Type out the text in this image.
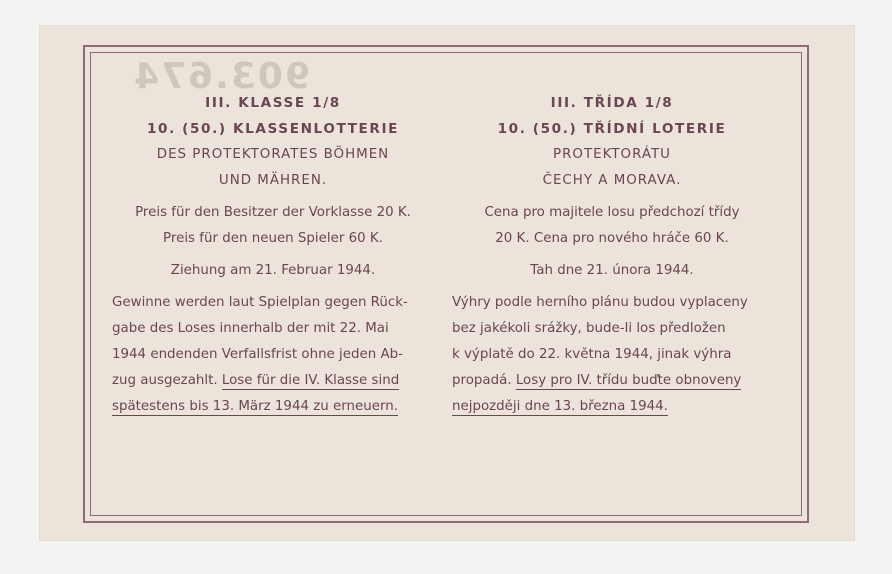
903.674
III. KLASSE 1/8
10. (50.) KLASSENLOTTERIE
DES PROTEKTORATES BÖHMEN
UND MÄHREN.
Preis für den Besitzer der Vorklasse 20 K.
Preis für den neuen Spieler 60 K.
Ziehung am 21. Februar 1944.
Gewinne werden laut Spielplan gegen Rück-
gabe des Loses innerhalb der mit 22. Mai
1944 endenden Verfallsfrist ohne jeden Ab-
zug ausgezahlt. Lose für die IV. Klasse sind
spätestens bis 13. März 1944 zu erneuern.
III. TŘÍDA 1/8
10. (50.) TŘÍDNÍ LOTERIE
PROTEKTORÁTU
ČECHY A MORAVA.
Cena pro majitele losu předchozí třídy
20 K. Cena pro nového hráče 60 K.
Tah dne 21. února 1944.
Výhry podle herního plánu budou vyplaceny
bez jakékoli srážky, bude-li los předložen
k výplatě do 22. května 1944, jinak výhra
propadá. Losy pro IV. třídu buďte obnoveny
nejpozději dne 13. března 1944.
